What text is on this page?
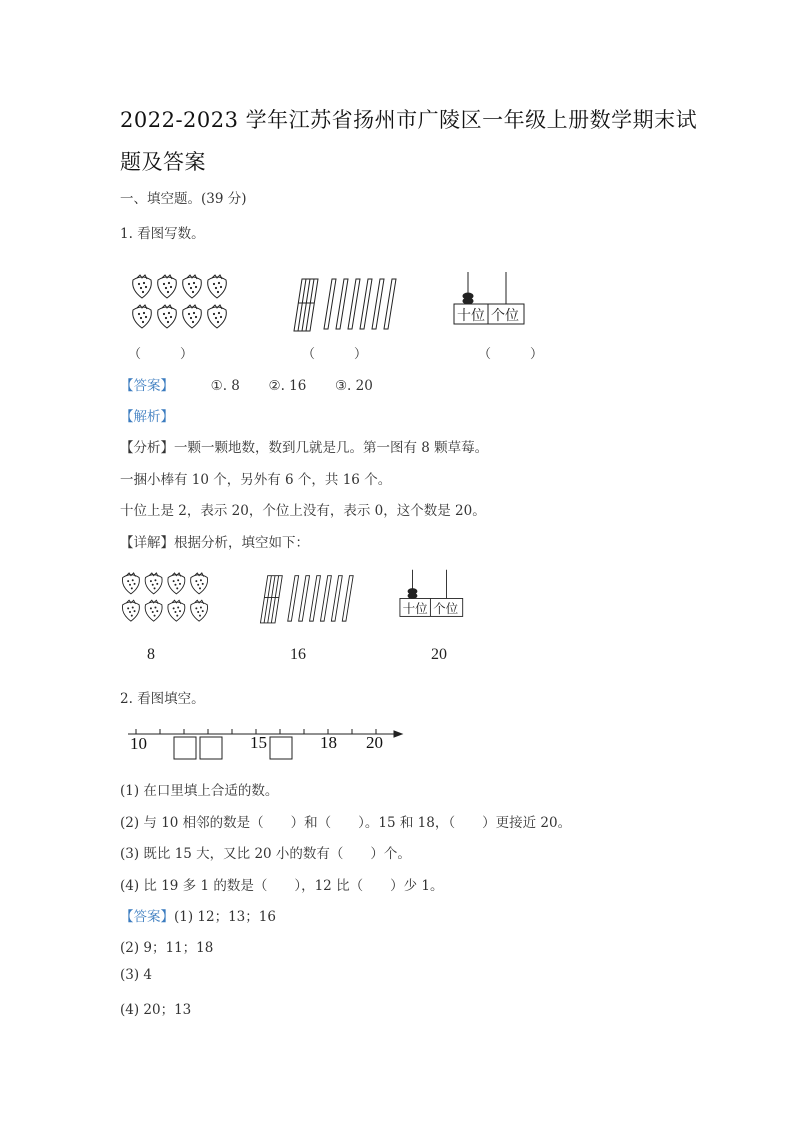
2022-2023 学年江苏省扬州市广陵区一年级上册数学期末试
题及答案
一、填空题。(39 分)
1. 看图写数。
十位 个位
（　　　）	（　　　）	（　　　）
【答案】	①. 8 ②. 16 ③. 20
【解析】
【分析】一颗一颗地数，数到几就是几。第一图有 8 颗草莓。
一捆小棒有 10 个，另外有 6 个，共 16 个。
十位上是 2，表示 20，个位上没有，表示 0，这个数是 20。
【详解】根据分析，填空如下：
十位 个位
8	16	20
2. 看图填空。
10	15	18 20
(1) 在口里填上合适的数。
(2) 与 10 相邻的数是（　　）和（　　）。15 和 18，（　　）更接近 20。
(3) 既比 15 大，又比 20 小的数有（　　）个。
(4) 比 19 多 1 的数是（　　），12 比（　　）少 1。
【答案】(1) 12；13；16
(2) 9；11；18
(3) 4
(4) 20；13
